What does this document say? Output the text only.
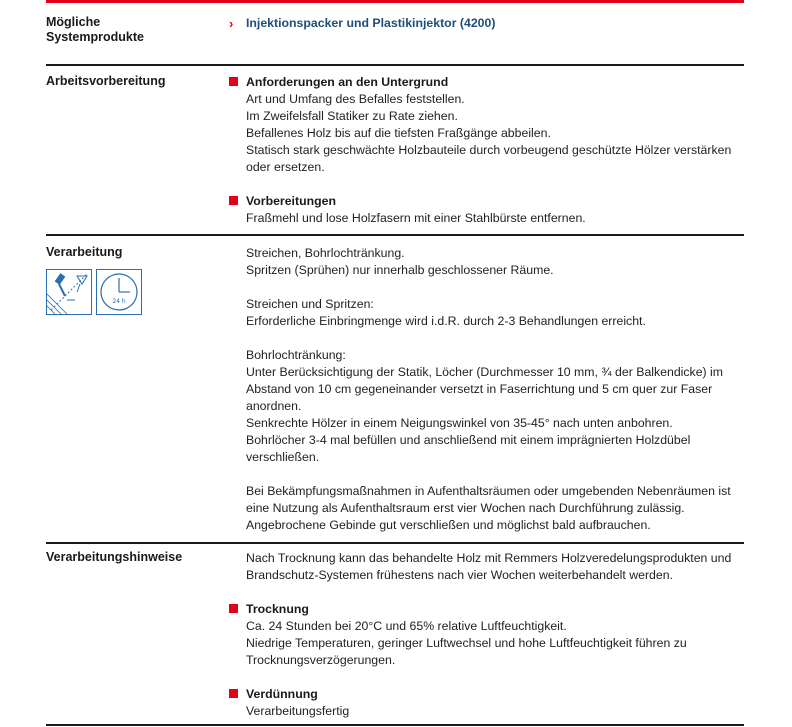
Mögliche
Systemprodukte
› Injektionspacker und Plastikinjektor (4200)
Arbeitsvorbereitung	Anforderungen an den Untergrund
Art und Umfang des Befalles feststellen.
Im Zweifelsfall Statiker zu Rate ziehen.
Befallenes Holz bis auf die tiefsten Fraßgänge abbeilen.
Statisch stark geschwächte Holzbauteile durch vorbeugend geschützte Hölzer verstärken
oder ersetzen.
Vorbereitungen
Fraßmehl und lose Holzfasern mit einer Stahlbürste entfernen.
Verarbeitung
24 h
Streichen, Bohrlochtränkung.
Spritzen (Sprühen) nur innerhalb geschlossener Räume.
Streichen und Spritzen:
Erforderliche Einbringmenge wird i.d.R. durch 2-3 Behandlungen erreicht.
Bohrlochtränkung:
Unter Berücksichtigung der Statik, Löcher (Durchmesser 10 mm, ¾ der Balkendicke) im
Abstand von 10 cm gegeneinander versetzt in Faserrichtung und 5 cm quer zur Faser
anordnen.
Senkrechte Hölzer in einem Neigungswinkel von 35-45° nach unten anbohren.
Bohrlöcher 3-4 mal befüllen und anschließend mit einem imprägnierten Holzdübel
verschließen.
Bei Bekämpfungsmaßnahmen in Aufenthaltsräumen oder umgebenden Nebenräumen ist
eine Nutzung als Aufenthaltsraum erst vier Wochen nach Durchführung zulässig.
Angebrochene Gebinde gut verschließen und möglichst bald aufbrauchen.
Verarbeitungshinweise	Nach Trocknung kann das behandelte Holz mit Remmers Holzveredelungsprodukten und
Brandschutz-Systemen frühestens nach vier Wochen weiterbehandelt werden.
Trocknung
Ca. 24 Stunden bei 20°C und 65% relative Luftfeuchtigkeit.
Niedrige Temperaturen, geringer Luftwechsel und hohe Luftfeuchtigkeit führen zu
Trocknungsverzögerungen.
Verdünnung
Verarbeitungsfertig
